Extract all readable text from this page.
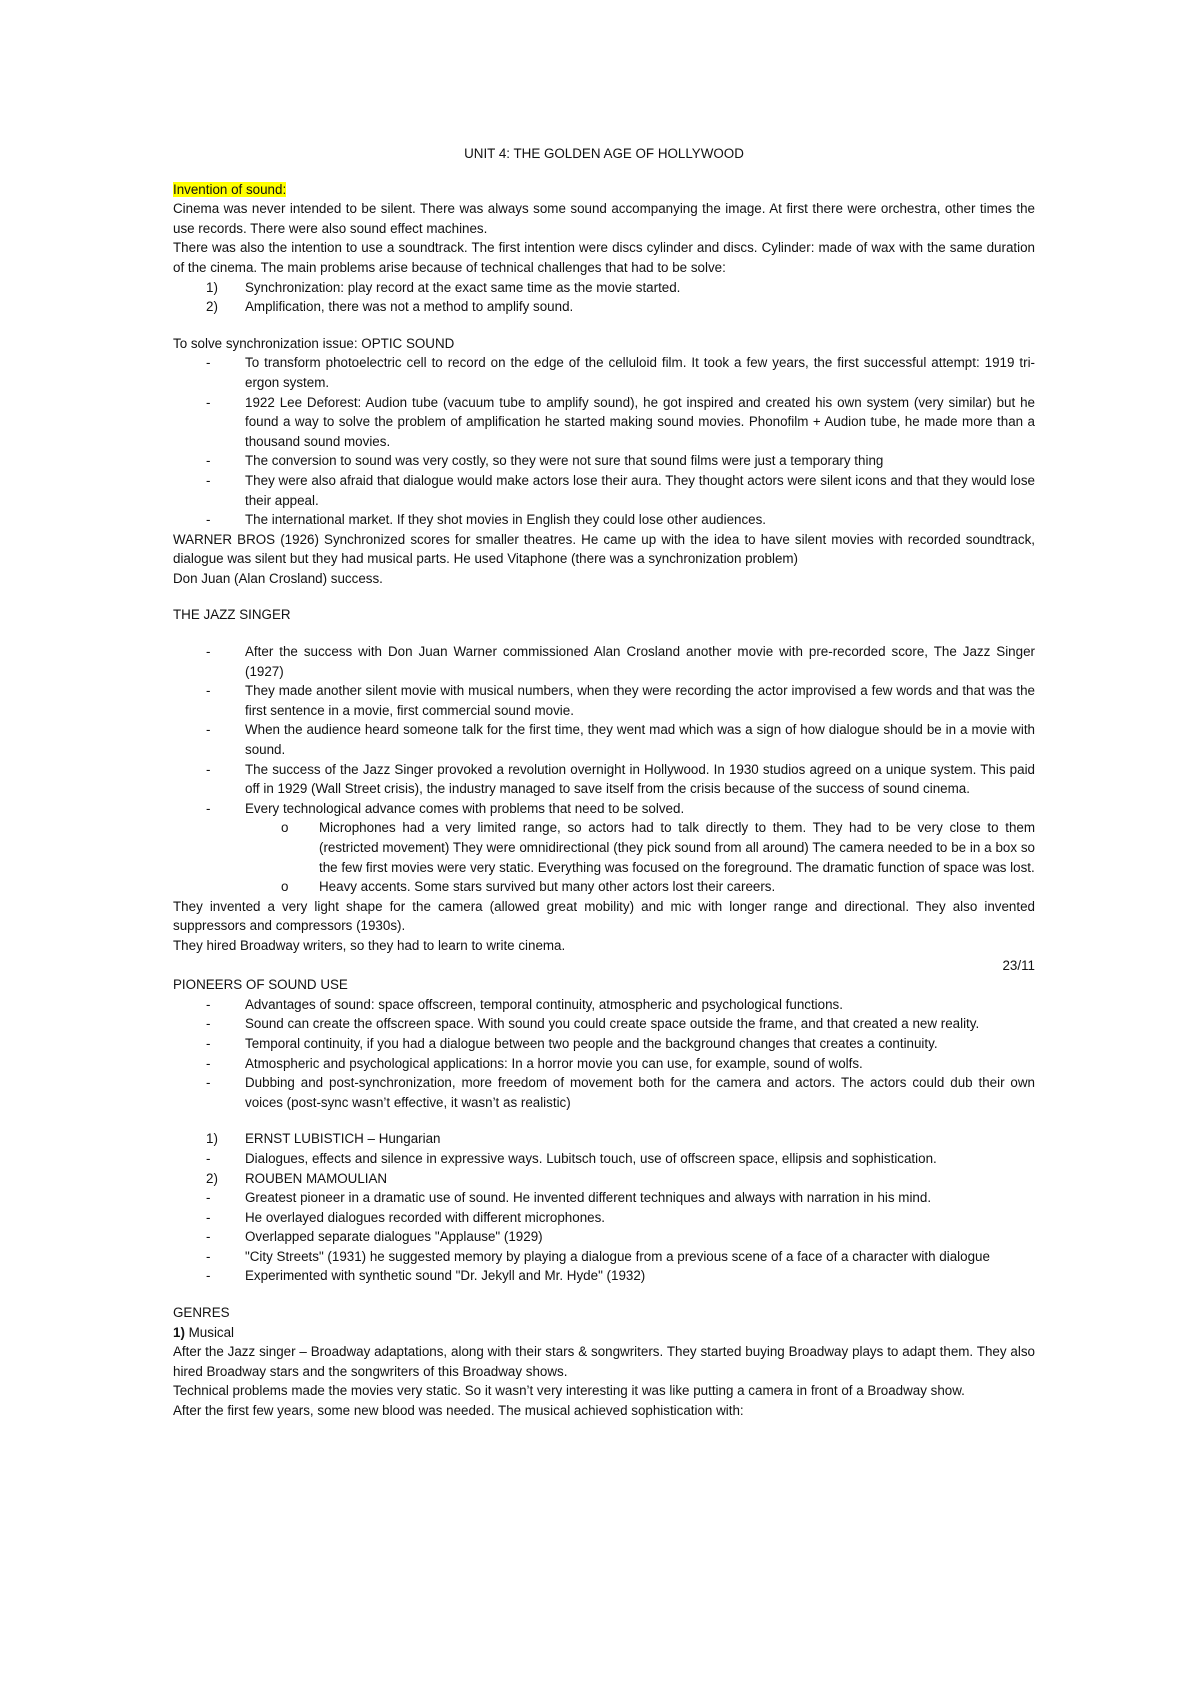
UNIT 4: THE GOLDEN AGE OF HOLLYWOOD

Invention of sound:

Cinema was never intended to be silent. There was always some sound accompanying the image. At first there were orchestra, other times the use records. There were also sound effect machines.

There was also the intention to use a soundtrack. The first intention were discs cylinder and discs. Cylinder: made of wax with the same duration of the cinema. The main problems arise because of technical challenges that had to be solve:

1) Synchronization: play record at the exact same time as the movie started.
2) Amplification, there was not a method to amplify sound.

To solve synchronization issue: OPTIC SOUND

- To transform photoelectric cell to record on the edge of the celluloid film. It took a few years, the first successful attempt: 1919 tri-ergon system.
- 1922 Lee Deforest: Audion tube (vacuum tube to amplify sound), he got inspired and created his own system (very similar) but he found a way to solve the problem of amplification he started making sound movies. Phonofilm + Audion tube, he made more than a thousand sound movies.
- The conversion to sound was very costly, so they were not sure that sound films were just a temporary thing
- They were also afraid that dialogue would make actors lose their aura. They thought actors were silent icons and that they would lose their appeal.
- The international market. If they shot movies in English they could lose other audiences.

WARNER BROS (1926) Synchronized scores for smaller theatres. He came up with the idea to have silent movies with recorded soundtrack, dialogue was silent but they had musical parts. He used Vitaphone (there was a synchronization problem)

Don Juan (Alan Crosland) success.

THE JAZZ SINGER

- After the success with Don Juan Warner commissioned Alan Crosland another movie with pre-recorded score, The Jazz Singer (1927)
- They made another silent movie with musical numbers, when they were recording the actor improvised a few words and that was the first sentence in a movie, first commercial sound movie.
- When the audience heard someone talk for the first time, they went mad which was a sign of how dialogue should be in a movie with sound.
- The success of the Jazz Singer provoked a revolution overnight in Hollywood. In 1930 studios agreed on a unique system. This paid off in 1929 (Wall Street crisis), the industry managed to save itself from the crisis because of the success of sound cinema.
- Every technological advance comes with problems that need to be solved.
o Microphones had a very limited range, so actors had to talk directly to them. They had to be very close to them (restricted movement) They were omnidirectional (they pick sound from all around) The camera needed to be in a box so the few first movies were very static. Everything was focused on the foreground. The dramatic function of space was lost.
o Heavy accents. Some stars survived but many other actors lost their careers.

They invented a very light shape for the camera (allowed great mobility) and mic with longer range and directional. They also invented suppressors and compressors (1930s).

They hired Broadway writers, so they had to learn to write cinema.

23/11

PIONEERS OF SOUND USE

- Advantages of sound: space offscreen, temporal continuity, atmospheric and psychological functions.
- Sound can create the offscreen space. With sound you could create space outside the frame, and that created a new reality.
- Temporal continuity, if you had a dialogue between two people and the background changes that creates a continuity.
- Atmospheric and psychological applications: In a horror movie you can use, for example, sound of wolfs.
- Dubbing and post-synchronization, more freedom of movement both for the camera and actors. The actors could dub their own voices (post-sync wasn’t effective, it wasn’t as realistic)
1) ERNST LUBISTICH – Hungarian
- Dialogues, effects and silence in expressive ways. Lubitsch touch, use of offscreen space, ellipsis and sophistication.
2) ROUBEN MAMOULIAN
- Greatest pioneer in a dramatic use of sound. He invented different techniques and always with narration in his mind.
- He overlayed dialogues recorded with different microphones.
- Overlapped separate dialogues "Applause" (1929)
- "City Streets" (1931) he suggested memory by playing a dialogue from a previous scene of a face of a character with dialogue
- Experimented with synthetic sound "Dr. Jekyll and Mr. Hyde" (1932)

GENRES

1) Musical

After the Jazz singer – Broadway adaptations, along with their stars & songwriters. They started buying Broadway plays to adapt them. They also hired Broadway stars and the songwriters of this Broadway shows.

Technical problems made the movies very static. So it wasn’t very interesting it was like putting a camera in front of a Broadway show.

After the first few years, some new blood was needed. The musical achieved sophistication with:
